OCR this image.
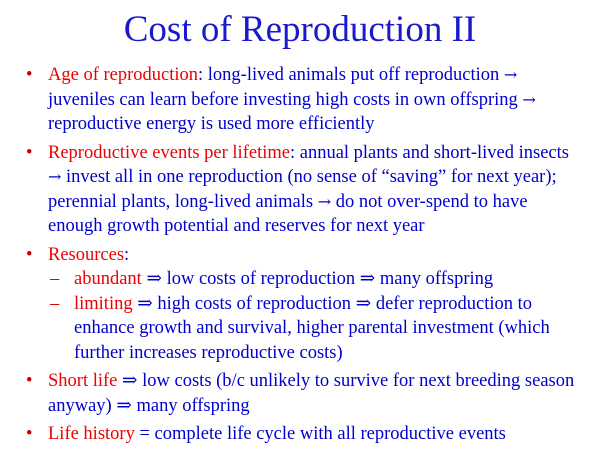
Cost of Reproduction II
• Age of reproduction: long-lived animals put off reproduction → juveniles can learn before investing high costs in own offspring → reproductive energy is used more efficiently
• Reproductive events per lifetime: annual plants and short-lived insects → invest all in one reproduction (no sense of “saving” for next year); perennial plants, long-lived animals → do not over-spend to have enough growth potential and reserves for next year
• Resources:
– abundant ⇒ low costs of reproduction ⇒ many offspring
– limiting ⇒ high costs of reproduction ⇒ defer reproduction to enhance growth and survival, higher parental investment (which further increases reproductive costs)
• Short life ⇒ low costs (b/c unlikely to survive for next breeding season anyway) ⇒ many offspring
• Life history = complete life cycle with all reproductive events
